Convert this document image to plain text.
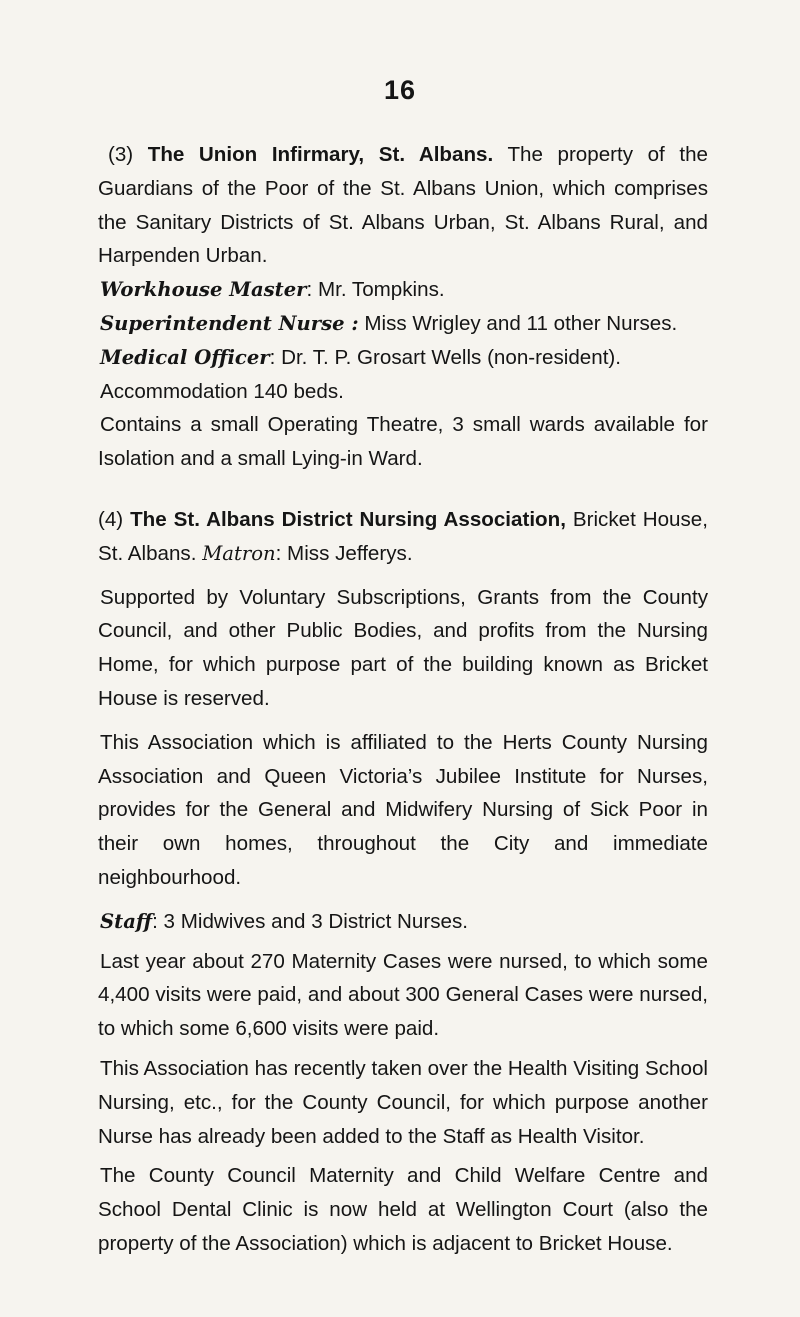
16

(3) The Union Infirmary, St. Albans. The property of the Guardians of the Poor of the St. Albans Union, which comprises the Sanitary Districts of St. Albans Urban, St. Albans Rural, and Harpenden Urban.

Workhouse Master: Mr. Tompkins.

Superintendent Nurse : Miss Wrigley and 11 other Nurses.

Medical Officer: Dr. T. P. Grosart Wells (non-resident).

Accommodation 140 beds.

Contains a small Operating Theatre, 3 small wards available for Isolation and a small Lying-in Ward.

(4) The St. Albans District Nursing Association, Bricket House, St. Albans. Matron: Miss Jefferys.

Supported by Voluntary Subscriptions, Grants from the County Council, and other Public Bodies, and profits from the Nursing Home, for which purpose part of the building known as Bricket House is reserved.

This Association which is affiliated to the Herts County Nursing Association and Queen Victoria’s Jubilee Institute for Nurses, provides for the General and Midwifery Nursing of Sick Poor in their own homes, throughout the City and immediate neighbourhood.

Staff: 3 Midwives and 3 District Nurses.

Last year about 270 Maternity Cases were nursed, to which some 4,400 visits were paid, and about 300 General Cases were nursed, to which some 6,600 visits were paid.

This Association has recently taken over the Health Visiting School Nursing, etc., for the County Council, for which purpose another Nurse has already been added to the Staff as Health Visitor.

The County Council Maternity and Child Welfare Centre and School Dental Clinic is now held at Wellington Court (also the property of the Association) which is adjacent to Bricket House.
